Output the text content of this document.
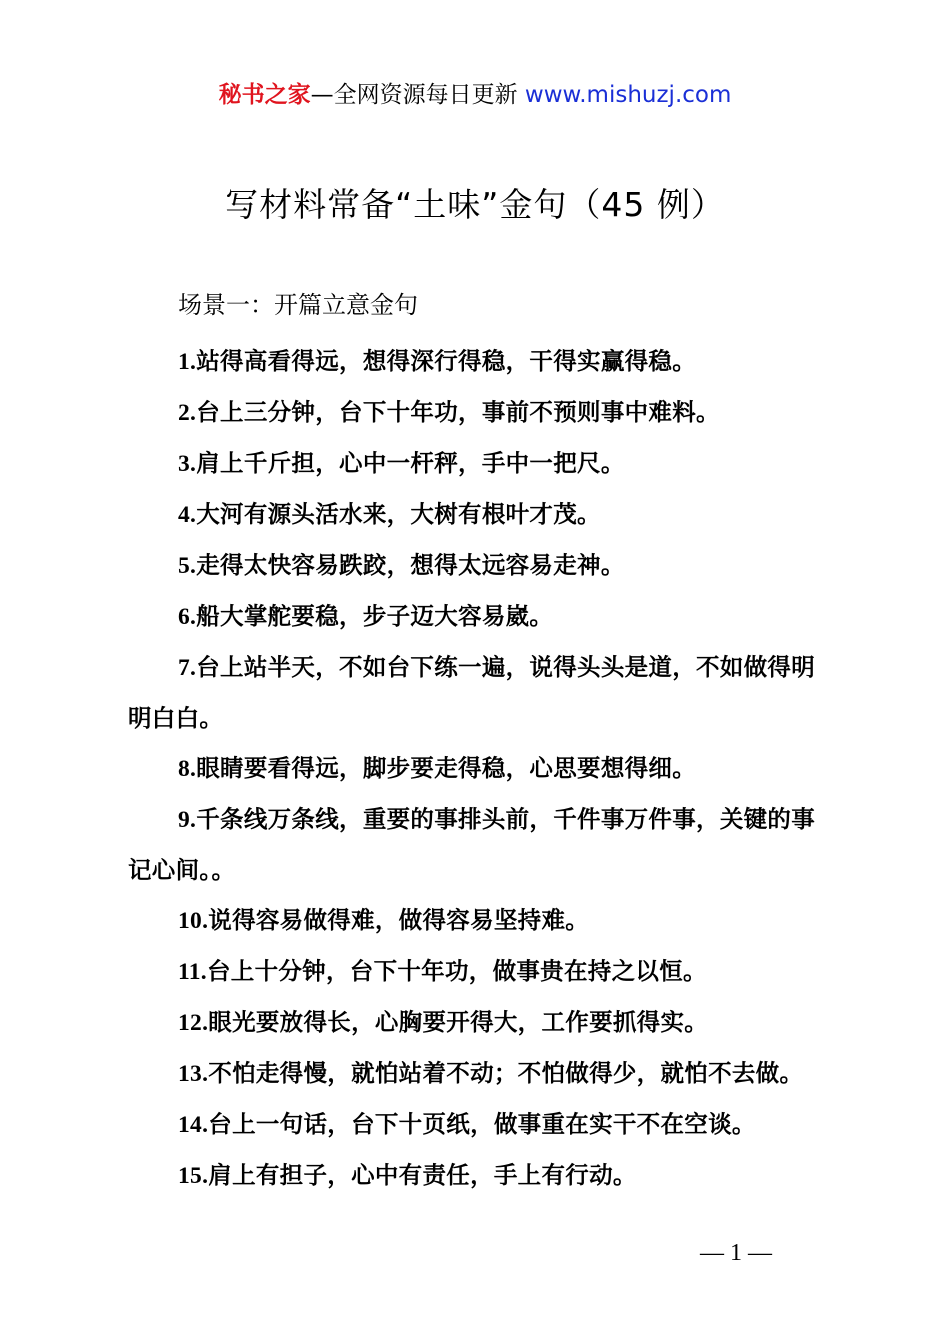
秘书之家—全网资源每日更新 www.mishuzj.com
写材料常备“土味”金句（45 例）
场景一：开篇立意金句

1.站得高看得远，想得深行得稳，干得实赢得稳。

2.台上三分钟，台下十年功，事前不预则事中难料。

3.肩上千斤担，心中一杆秤，手中一把尺。

4.大河有源头活水来，大树有根叶才茂。

5.走得太快容易跌跤，想得太远容易走神。

6.船大掌舵要稳，步子迈大容易崴。

7.台上站半天，不如台下练一遍，说得头头是道，不如做得明明白白。

8.眼睛要看得远，脚步要走得稳，心思要想得细。

9.千条线万条线，重要的事排头前，千件事万件事，关键的事记心间。。

10.说得容易做得难，做得容易坚持难。

11.台上十分钟，台下十年功，做事贵在持之以恒。

12.眼光要放得长，心胸要开得大，工作要抓得实。

13.不怕走得慢，就怕站着不动；不怕做得少，就怕不去做。

14.台上一句话，台下十页纸，做事重在实干不在空谈。

15.肩上有担子，心中有责任，手上有行动。

— 1 —
